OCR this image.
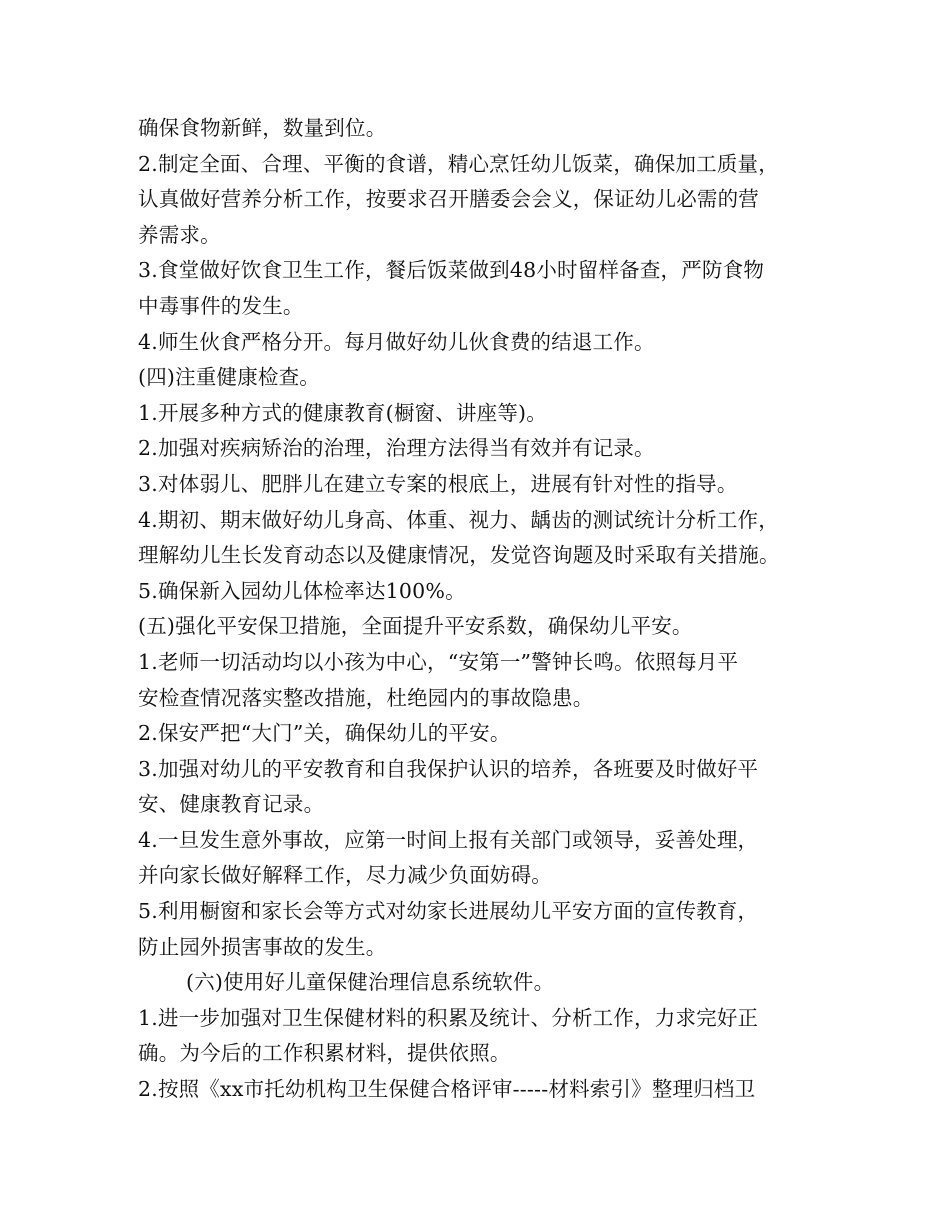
确保食物新鲜，数量到位。
2.制定全面、合理、平衡的食谱，精心烹饪幼儿饭菜，确保加工质量，
认真做好营养分析工作，按要求召开膳委会会义，保证幼儿必需的营
养需求。
3.食堂做好饮食卫生工作，餐后饭菜做到48小时留样备查，严防食物
中毒事件的发生。
4.师生伙食严格分开。每月做好幼儿伙食费的结退工作。
(四)注重健康检查。
1.开展多种方式的健康教育(橱窗、讲座等)。
2.加强对疾病矫治的治理，治理方法得当有效并有记录。
3.对体弱儿、肥胖儿在建立专案的根底上，进展有针对性的指导。
4.期初、期末做好幼儿身高、体重、视力、龋齿的测试统计分析工作，
理解幼儿生长发育动态以及健康情况，发觉咨询题及时采取有关措施。
5.确保新入园幼儿体检率达100%。
(五)强化平安保卫措施，全面提升平安系数，确保幼儿平安。
1.老师一切活动均以小孩为中心，“安第一”警钟长鸣。依照每月平
安检查情况落实整改措施，杜绝园内的事故隐患。
2.保安严把“大门”关，确保幼儿的平安。
3.加强对幼儿的平安教育和自我保护认识的培养，各班要及时做好平
安、健康教育记录。
4.一旦发生意外事故，应第一时间上报有关部门或领导，妥善处理，
并向家长做好解释工作，尽力减少负面妨碍。
5.利用橱窗和家长会等方式对幼家长进展幼儿平安方面的宣传教育，
防止园外损害事故的发生。
(六)使用好儿童保健治理信息系统软件。
1.进一步加强对卫生保健材料的积累及统计、分析工作，力求完好正
确。为今后的工作积累材料，提供依照。
2.按照《xx市托幼机构卫生保健合格评审-----材料索引》整理归档卫
